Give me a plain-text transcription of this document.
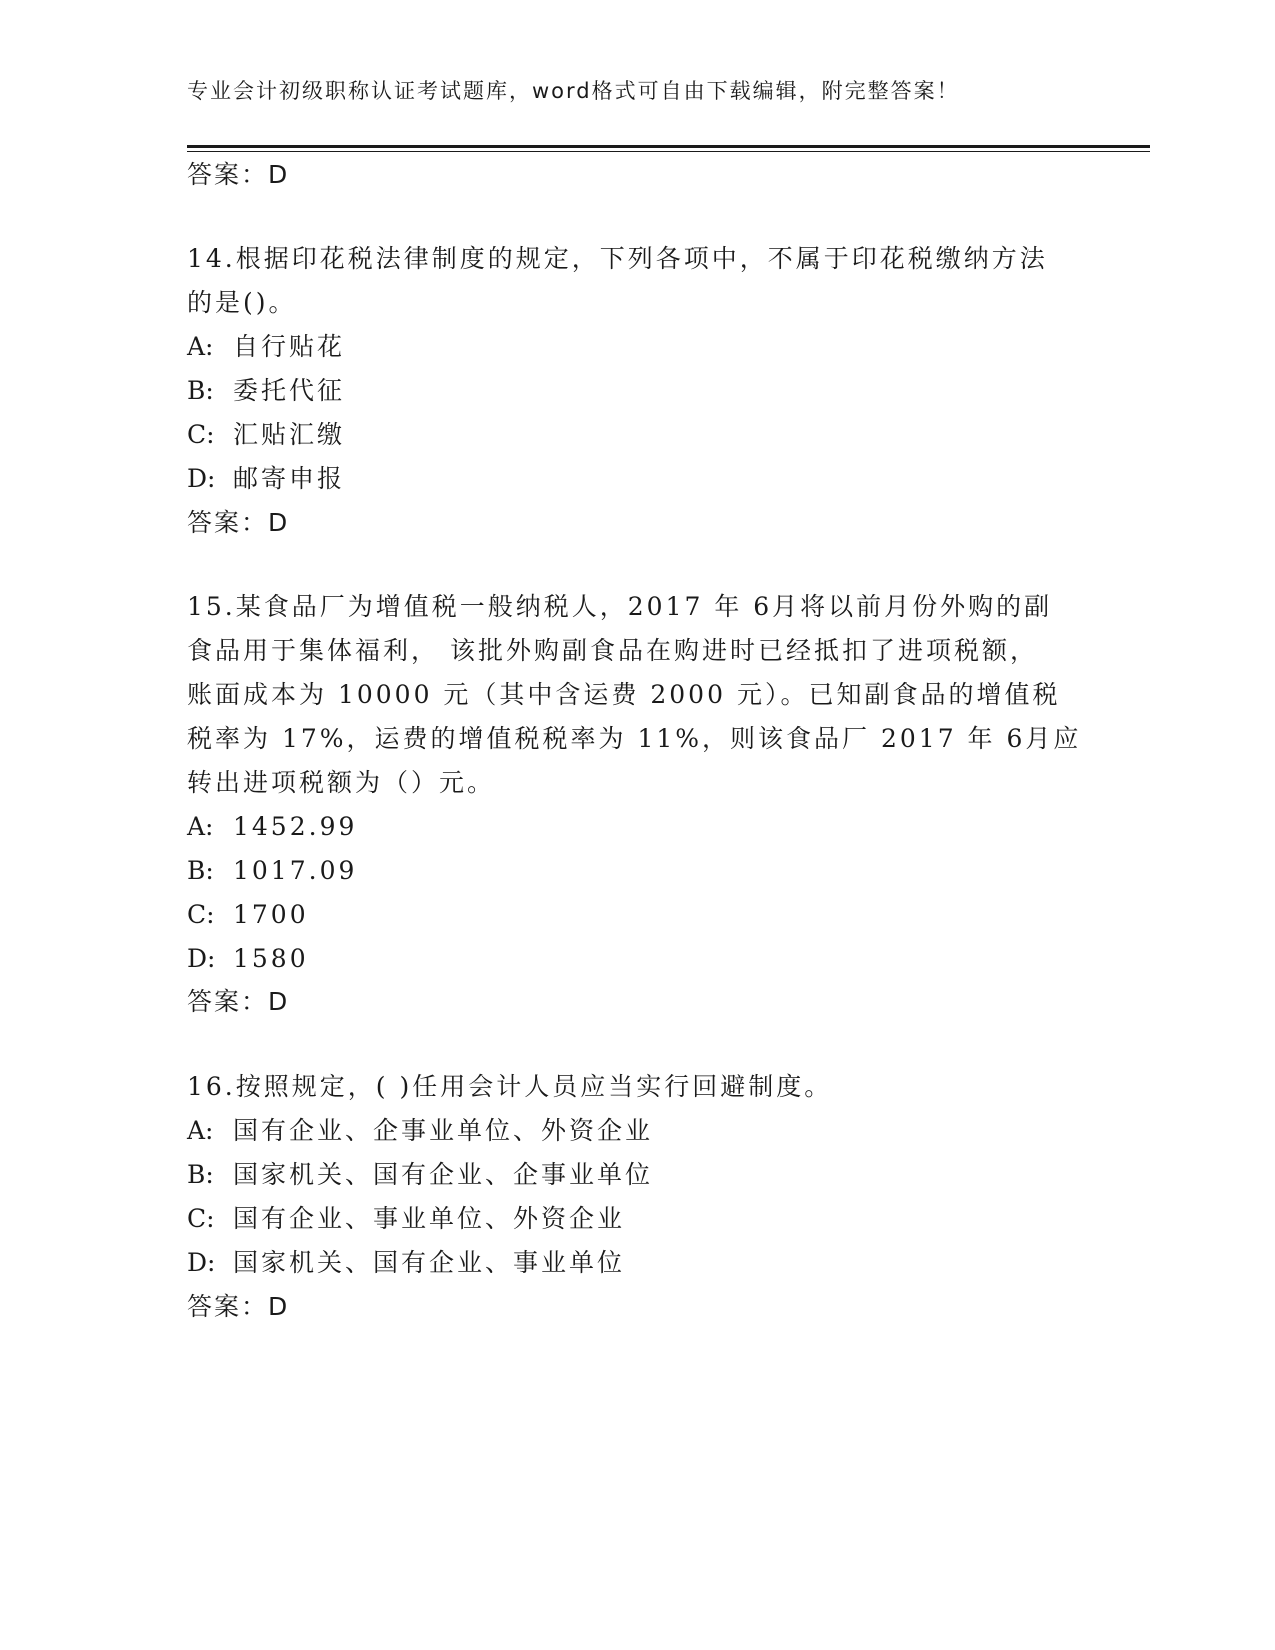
专业会计初级职称认证考试题库，word格式可自由下载编辑，附完整答案！
答案：D
14.根据印花税法律制度的规定，下列各项中，不属于印花税缴纳方法
的是()。
A: 自行贴花
B: 委托代征
C: 汇贴汇缴
D: 邮寄申报
答案：D
15.某食品厂为增值税一般纳税人，2017 年 6月将以前月份外购的副
食品用于集体福利， 该批外购副食品在购进时已经抵扣了进项税额，
账面成本为 10000 元（其中含运费 2000 元）。已知副食品的增值税
税率为 17%，运费的增值税税率为 11%，则该食品厂 2017 年 6月应
转出进项税额为（）元。
A: 1452.99
B: 1017.09
C: 1700
D: 1580
答案：D
16.按照规定，( )任用会计人员应当实行回避制度。
A: 国有企业、企事业单位、外资企业
B: 国家机关、国有企业、企事业单位
C: 国有企业、事业单位、外资企业
D: 国家机关、国有企业、事业单位
答案：D
